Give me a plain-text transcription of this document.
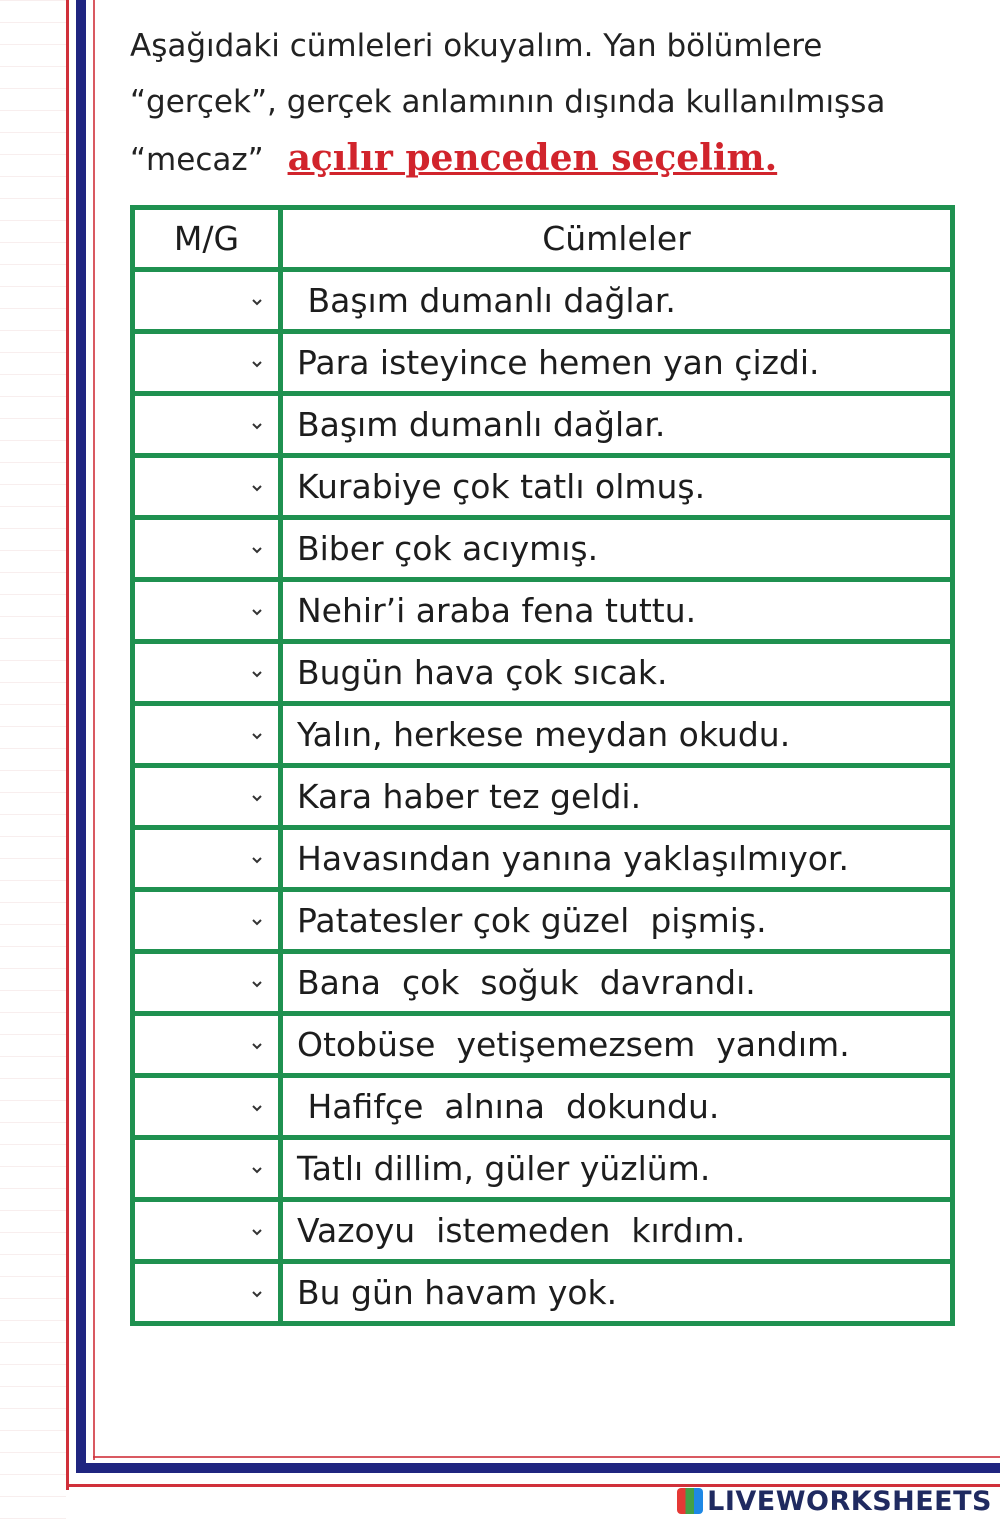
Aşağıdaki cümleleri okuyalım. Yan bölümlere
“gerçek”, gerçek anlamının dışında kullanılmışsa
“mecaz” açılır penceden seçelim.
M/G	Cümleler

	Başım dumanlı dağlar.

	Para isteyince hemen yan çizdi.

	Başım dumanlı dağlar.

	Kurabiye çok tatlı olmuş.

	Biber çok acıymış.

	Nehir’i araba fena tuttu.

	Bugün hava çok sıcak.

	Yalın, herkese meydan okudu.

	Kara haber tez geldi.

	Havasından yanına yaklaşılmıyor.

	Patatesler çok güzel  pişmiş.

	Bana  çok  soğuk  davrandı.

	Otobüse  yetişemezsem  yandım.

	Hafifçe  alnına  dokundu.

	Tatlı dillim, güler yüzlüm.

	Vazoyu  istemeden  kırdım.

	Bu gün havam yok.
LIVEWORKSHEETS
